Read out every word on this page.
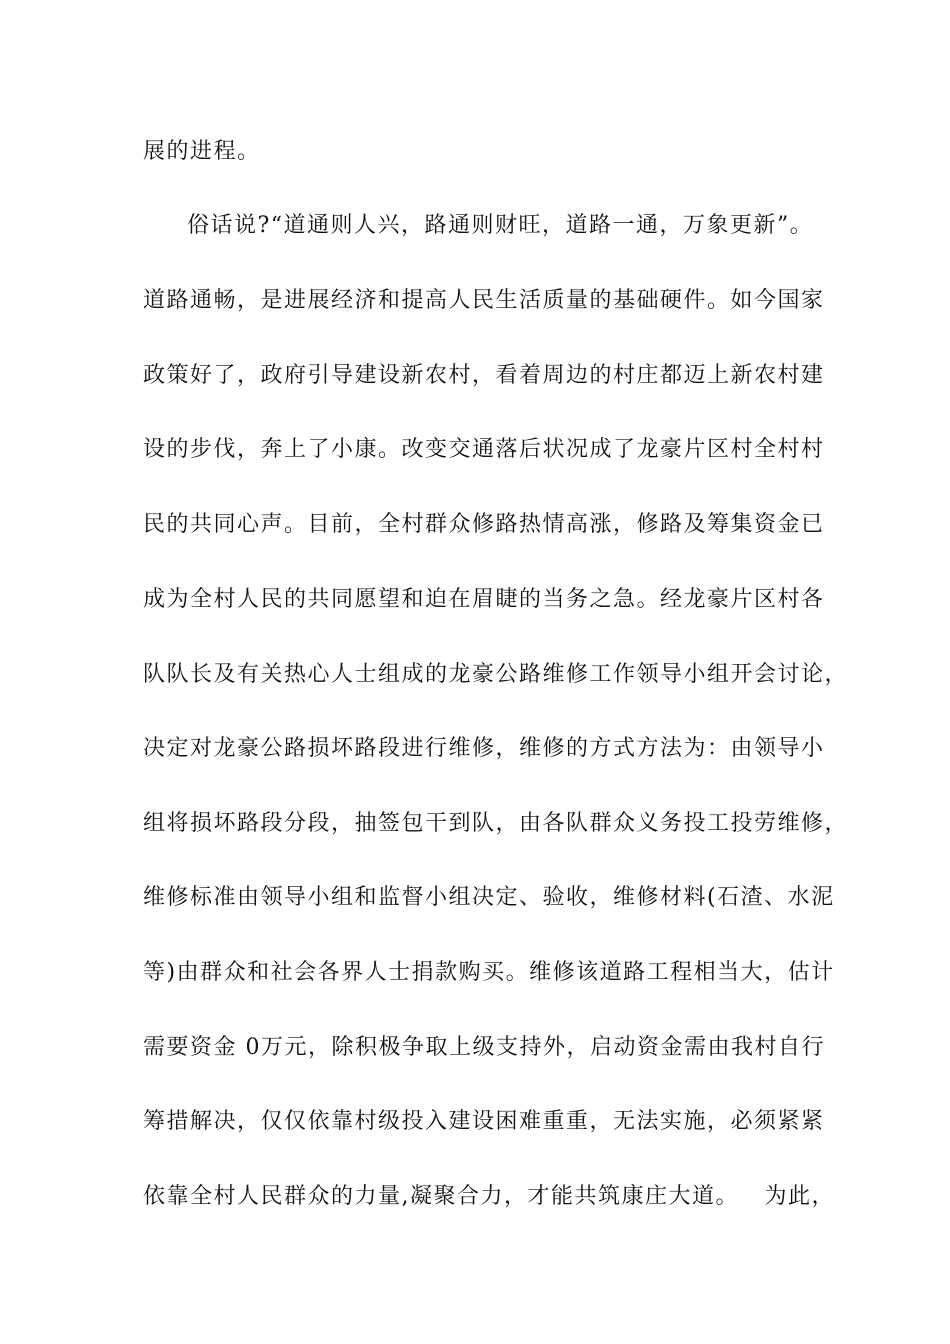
展的进程。
俗话说?“道通则人兴，路通则财旺，道路一通，万象更新”。
道路通畅，是进展经济和提高人民生活质量的基础硬件。如今国家
政策好了，政府引导建设新农村，看着周边的村庄都迈上新农村建
设的步伐，奔上了小康。改变交通落后状况成了龙豪片区村全村村
民的共同心声。目前，全村群众修路热情高涨，修路及筹集资金已
成为全村人民的共同愿望和迫在眉睫的当务之急。经龙豪片区村各
队队长及有关热心人士组成的龙豪公路维修工作领导小组开会讨论，
决定对龙豪公路损坏路段进行维修，维修的方式方法为：由领导小
组将损坏路段分段，抽签包干到队，由各队群众义务投工投劳维修，
维修标准由领导小组和监督小组决定、验收，维修材料(石渣、水泥
等)由群众和社会各界人士捐款购买。维修该道路工程相当大，估计
需要资金 0万元，除积极争取上级支持外，启动资金需由我村自行
筹措解决，仅仅依靠村级投入建设困难重重，无法实施，必须紧紧
依靠全村人民群众的力量,凝聚合力，才能共筑康庄大道。   为此，
